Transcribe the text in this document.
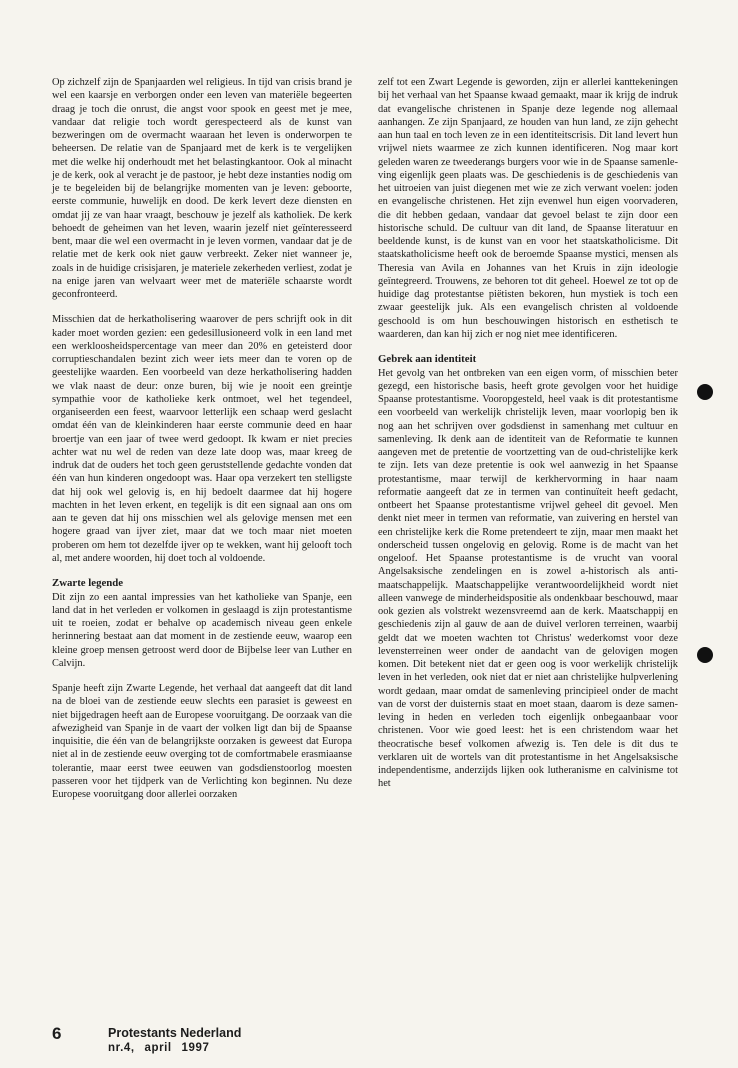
Op zichzelf zijn de Spanjaarden wel religieus. In tijd van crisis brand je wel een kaarsje en verborgen onder een leven van materiële begeerten draag je toch die onrust, die angst voor spook en geest met je mee, vandaar dat religie toch wordt gerespecteerd als de kunst van bezweringen om de overmacht waaraan het leven is onderworpen te beheersen. De relatie van de Spanjaard met de kerk is te vergelijken met die welke hij onderhoudt met het belastingkantoor. Ook al minacht je de kerk, ook al veracht je de pastoor, je hebt deze instanties nodig om je te begeleiden bij de belangrijke momenten van je leven: geboorte, eerste communie, huwelijk en dood. De kerk levert deze diensten en omdat jij ze van haar vraagt, beschouw je jezelf als katholiek. De kerk behoedt de geheimen van het leven, waarin jezelf niet geïnteresseerd bent, maar die wel een overmacht in je leven vormen, vandaar dat je de relatie met de kerk ook niet gauw verbreekt. Zeker niet wanneer je, zoals in de huidige crisisjaren, je materiele zekerheden verliest, zodat je na enige jaren van welvaart weer met de materiële schaarste wordt geconfronteerd.

Misschien dat de herkatholisering waarover de pers schrijft ook in dit kader moet worden gezien: een gedesillusioneerd volk in een land met een werkloosheidspercentage van meer dan 20% en geteisterd door corruptieschandalen bezint zich weer iets meer dan te voren op de geestelijke waarden. Een voorbeeld van deze herkatholisering hadden we vlak naast de deur: onze buren, bij wie je nooit een greintje sympathie voor de katholieke kerk ontmoet, wel het tegendeel, organiseerden een feest, waarvoor letterlijk een schaap werd geslacht omdat één van de kleinkinderen haar eerste communie deed en haar broertje van een jaar of twee werd gedoopt. Ik kwam er niet precies achter wat nu wel de reden van deze late doop was, maar kreeg de indruk dat de ouders het toch geen geruststellende gedachte vonden dat één van hun kinderen ongedoopt was. Haar opa verzekert ten stelligste dat hij ook wel gelovig is, en hij bedoelt daarmee dat hij hogere machten in het leven erkent, en tegelijk is dit een signaal aan ons om aan te geven dat hij ons misschien wel als gelovige mensen met een hogere graad van ijver ziet, maar dat we toch maar niet moeten proberen om hem tot dezelfde ijver op te wekken, want hij gelooft toch al, met andere woorden, hij doet toch al voldoende.

Zwarte legende

Dit zijn zo een aantal impressies van het katholieke van Spanje, een land dat in het verleden er volkomen in geslaagd is zijn protestantisme uit te roeien, zodat er behalve op academisch niveau geen enkele herinnering bestaat aan dat moment in de zestiende eeuw, waarop een kleine groep mensen getroost werd door de Bijbelse leer van Luther en Calvijn.

Spanje heeft zijn Zwarte Legende, het verhaal dat aangeeft dat dit land na de bloei van de zestiende eeuw slechts een parasiet is geweest en niet bijgedragen heeft aan de Europese vooruitgang. De oorzaak van die afwezigheid van Spanje in de vaart der volken ligt dan bij de Spaanse inquisitie, die één van de belangrijkste oorzaken is geweest dat Europa niet al in de zestiende eeuw overging tot de comfortmabele erasmiaanse tolerantie, maar eerst twee eeuwen van godsdienstoorlog moesten passeren voor het tijdperk van de Verlichting kon beginnen. Nu deze Europese vooruitgang door allerlei oorzaken

zelf tot een Zwart Legende is geworden, zijn er allerlei kanttekeningen bij het verhaal van het Spaanse kwaad gemaakt, maar ik krijg de indruk dat evangelische christenen in Spanje deze legende nog allemaal aanhangen. Ze zijn Spanjaard, ze houden van hun land, ze zijn gehecht aan hun taal en toch leven ze in een identiteitscrisis. Dit land levert hun vrijwel niets waarmee ze zich kunnen identificeren. Nog maar kort geleden waren ze tweederangs burgers voor wie in de Spaanse samenleving eigenlijk geen plaats was. De geschiedenis is de geschiedenis van het uitroeien van juist diegenen met wie ze zich verwant voelen: joden en evangelische christenen. Het zijn evenwel hun eigen voorvaderen, die dit hebben gedaan, vandaar dat gevoel belast te zijn door een historische schuld. De cultuur van dit land, de Spaanse literatuur en beeldende kunst, is de kunst van en voor het staatskatholicisme. Dit staatskatholicisme heeft ook de beroemde Spaanse mystici, mensen als Theresia van Avila en Johannes van het Kruis in zijn ideologie geïntegreerd. Trouwens, ze behoren tot dit geheel. Hoewel ze tot op de huidige dag protestantse piëtisten bekoren, hun mystiek is toch een zwaar geestelijk juk. Als een evangelisch christen al voldoende geschoold is om hun beschouwingen historisch en esthetisch te waarderen, dan kan hij zich er nog niet mee identificeren.

Gebrek aan identiteit

Het gevolg van het ontbreken van een eigen vorm, of misschien beter gezegd, een historische basis, heeft grote gevolgen voor het huidige Spaanse protestantisme. Vooropgesteld, heel vaak is dit protestantisme een voorbeeld van werkelijk christelijk leven, maar voorlopig ben ik nog aan het schrijven over godsdienst in samenhang met cultuur en samenleving. Ik denk aan de identiteit van de Reformatie te kunnen aangeven met de pretentie de voortzetting van de oud-christelijke kerk te zijn. Iets van deze pretentie is ook wel aanwezig in het Spaanse protestantisme, maar terwijl de kerkhervorming in haar naam reformatie aangeeft dat ze in termen van continuïteit heeft gedacht, ontbeert het Spaanse protestantisme vrijwel geheel dit gevoel. Men denkt niet meer in termen van reformatie, van zuivering en herstel van een christelijke kerk die Rome pretendeert te zijn, maar men maakt het onderscheid tussen ongelovig en gelovig. Rome is de macht van het ongeloof. Het Spaanse protestantisme is de vrucht van vooral Angelsaksische zendelingen en is zowel a-historisch als anti-maatschappelijk. Maatschappelijke verantwoordelijkheid wordt niet alleen vanwege de minderheidspositie als ondenkbaar beschouwd, maar ook gezien als volstrekt wezensvreemd aan de kerk. Maatschappij en geschiedenis zijn al gauw de aan de duivel verloren terreinen, waarbij geldt dat we moeten wachten tot Christus' wederkomst voor deze levensterreinen weer onder de aandacht van de gelovigen mogen komen. Dit betekent niet dat er geen oog is voor werkelijk christelijk leven in het verleden, ook niet dat er niet aan christelijke hulpverlening wordt gedaan, maar omdat de samenleving principieel onder de macht van de vorst der duisternis staat en moet staan, daarom is deze samenleving in heden en verleden toch eigenlijk onbegaanbaar voor christenen. Voor wie goed leest: het is een christendom waar het theocratische besef volkomen afwezig is. Ten dele is dit dus te verklaren uit de wortels van dit protestantisme in het Angelsaksische independentisme, anderzijds lijken ook lutheranisme en calvinisme tot het

6	Protestants Nederland
nr.4, april 1997
